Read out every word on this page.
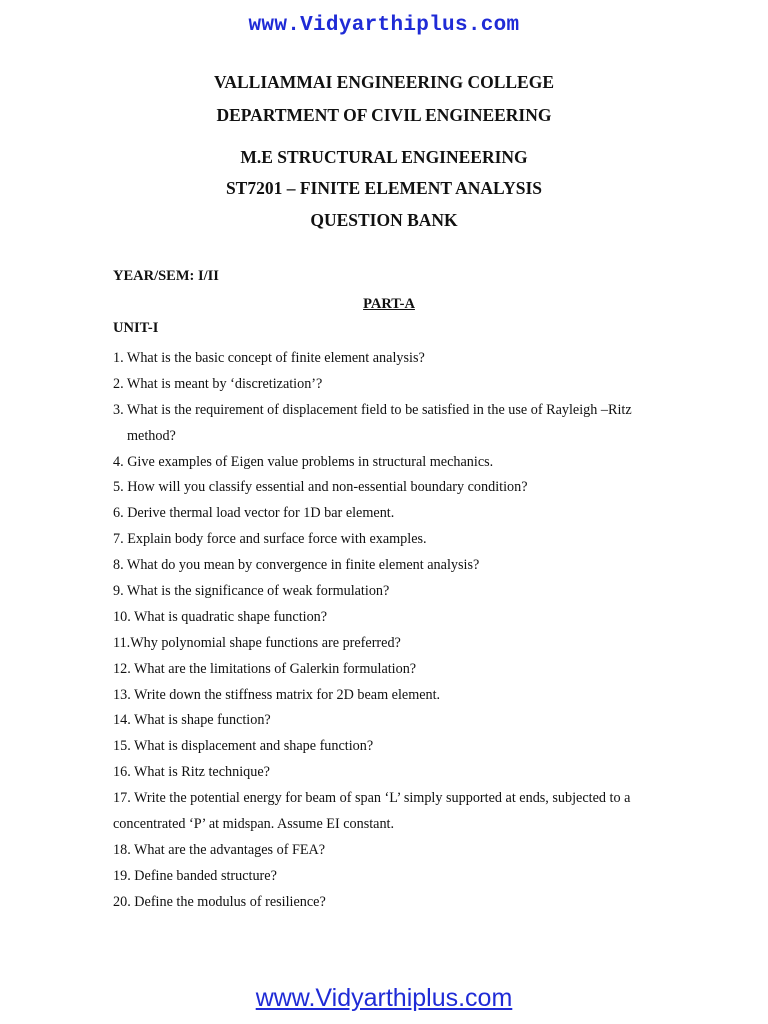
www.Vidyarthiplus.com
VALLIAMMAI ENGINEERING COLLEGE
DEPARTMENT OF CIVIL ENGINEERING
M.E STRUCTURAL ENGINEERING
ST7201 – FINITE ELEMENT ANALYSIS
QUESTION BANK
YEAR/SEM: I/II
PART-A
UNIT-I
1. What is the basic concept of finite element analysis?
2. What is meant by ‘discretization’?
3. What is the requirement of displacement field to be satisfied in the use of Rayleigh –Ritz
method?
4. Give examples of Eigen value problems in structural mechanics.
5. How will you classify essential and non-essential boundary condition?
6. Derive thermal load vector for 1D bar element.
7. Explain body force and surface force with examples.
8. What do you mean by convergence in finite element analysis?
9. What is the significance of weak formulation?
10. What is quadratic shape function?
11.Why polynomial shape functions are preferred?
12. What are the limitations of Galerkin formulation?
13. Write down the stiffness matrix for 2D beam element.
14. What is shape function?
15. What is displacement and shape function?
16. What is Ritz technique?
17. Write the potential energy for beam of span ‘L’ simply supported at ends, subjected to a
concentrated ‘P’ at midspan. Assume EI constant.
18. What are the advantages of FEA?
19. Define banded structure?
20. Define the modulus of resilience?
www.Vidyarthiplus.com
